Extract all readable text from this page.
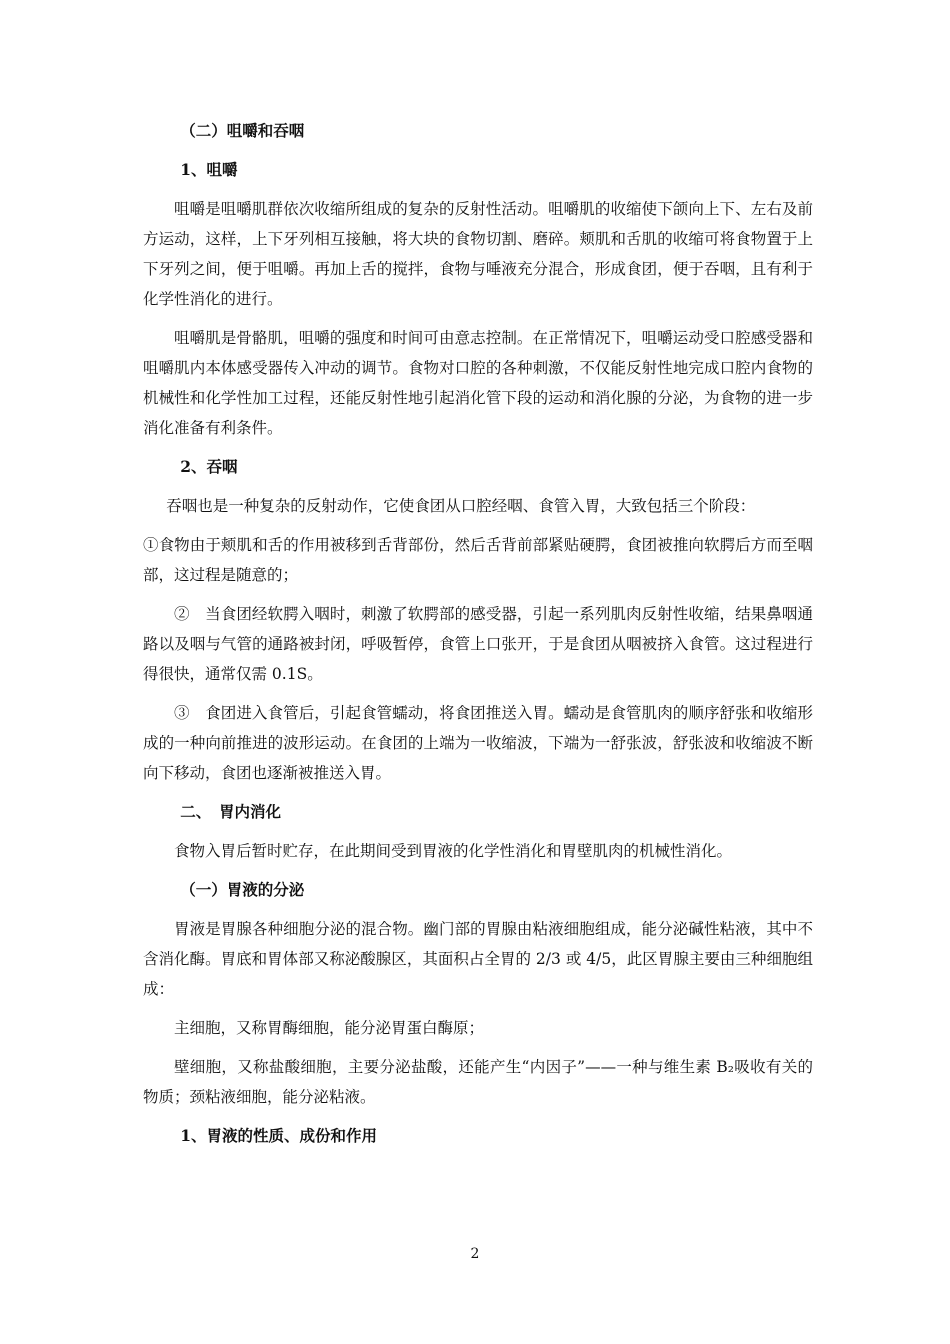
（二）咀嚼和吞咽

1、咀嚼

咀嚼是咀嚼肌群依次收缩所组成的复杂的反射性活动。咀嚼肌的收缩使下颌向上下、左右及前方运动，这样，上下牙列相互接触，将大块的食物切割、磨碎。颊肌和舌肌的收缩可将食物置于上下牙列之间，便于咀嚼。再加上舌的搅拌，食物与唾液充分混合，形成食团，便于吞咽，且有利于化学性消化的进行。

咀嚼肌是骨骼肌，咀嚼的强度和时间可由意志控制。在正常情况下，咀嚼运动受口腔感受器和咀嚼肌内本体感受器传入冲动的调节。食物对口腔的各种刺激，不仅能反射性地完成口腔内食物的机械性和化学性加工过程，还能反射性地引起消化管下段的运动和消化腺的分泌，为食物的进一步消化准备有利条件。

2、吞咽

吞咽也是一种复杂的反射动作，它使食团从口腔经咽、食管入胃，大致包括三个阶段：

①食物由于颊肌和舌的作用被移到舌背部份，然后舌背前部紧贴硬腭，食团被推向软腭后方而至咽部，这过程是随意的；

②　当食团经软腭入咽时，刺激了软腭部的感受器，引起一系列肌肉反射性收缩，结果鼻咽通路以及咽与气管的通路被封闭，呼吸暂停，食管上口张开，于是食团从咽被挤入食管。这过程进行得很快，通常仅需 0.1S。

③　食团进入食管后，引起食管蠕动，将食团推送入胃。蠕动是食管肌肉的顺序舒张和收缩形成的一种向前推进的波形运动。在食团的上端为一收缩波，下端为一舒张波，舒张波和收缩波不断向下移动，食团也逐渐被推送入胃。

二、　胃内消化

食物入胃后暂时贮存，在此期间受到胃液的化学性消化和胃壁肌肉的机械性消化。

（一）胃液的分泌

胃液是胃腺各种细胞分泌的混合物。幽门部的胃腺由粘液细胞组成，能分泌碱性粘液，其中不含消化酶。胃底和胃体部又称泌酸腺区，其面积占全胃的 2/3 或 4/5，此区胃腺主要由三种细胞组成：

主细胞，又称胃酶细胞，能分泌胃蛋白酶原；

壁细胞，又称盐酸细胞，主要分泌盐酸，还能产生“内因子”——一种与维生素 B₂吸收有关的物质；颈粘液细胞，能分泌粘液。

1、胃液的性质、成份和作用

2
